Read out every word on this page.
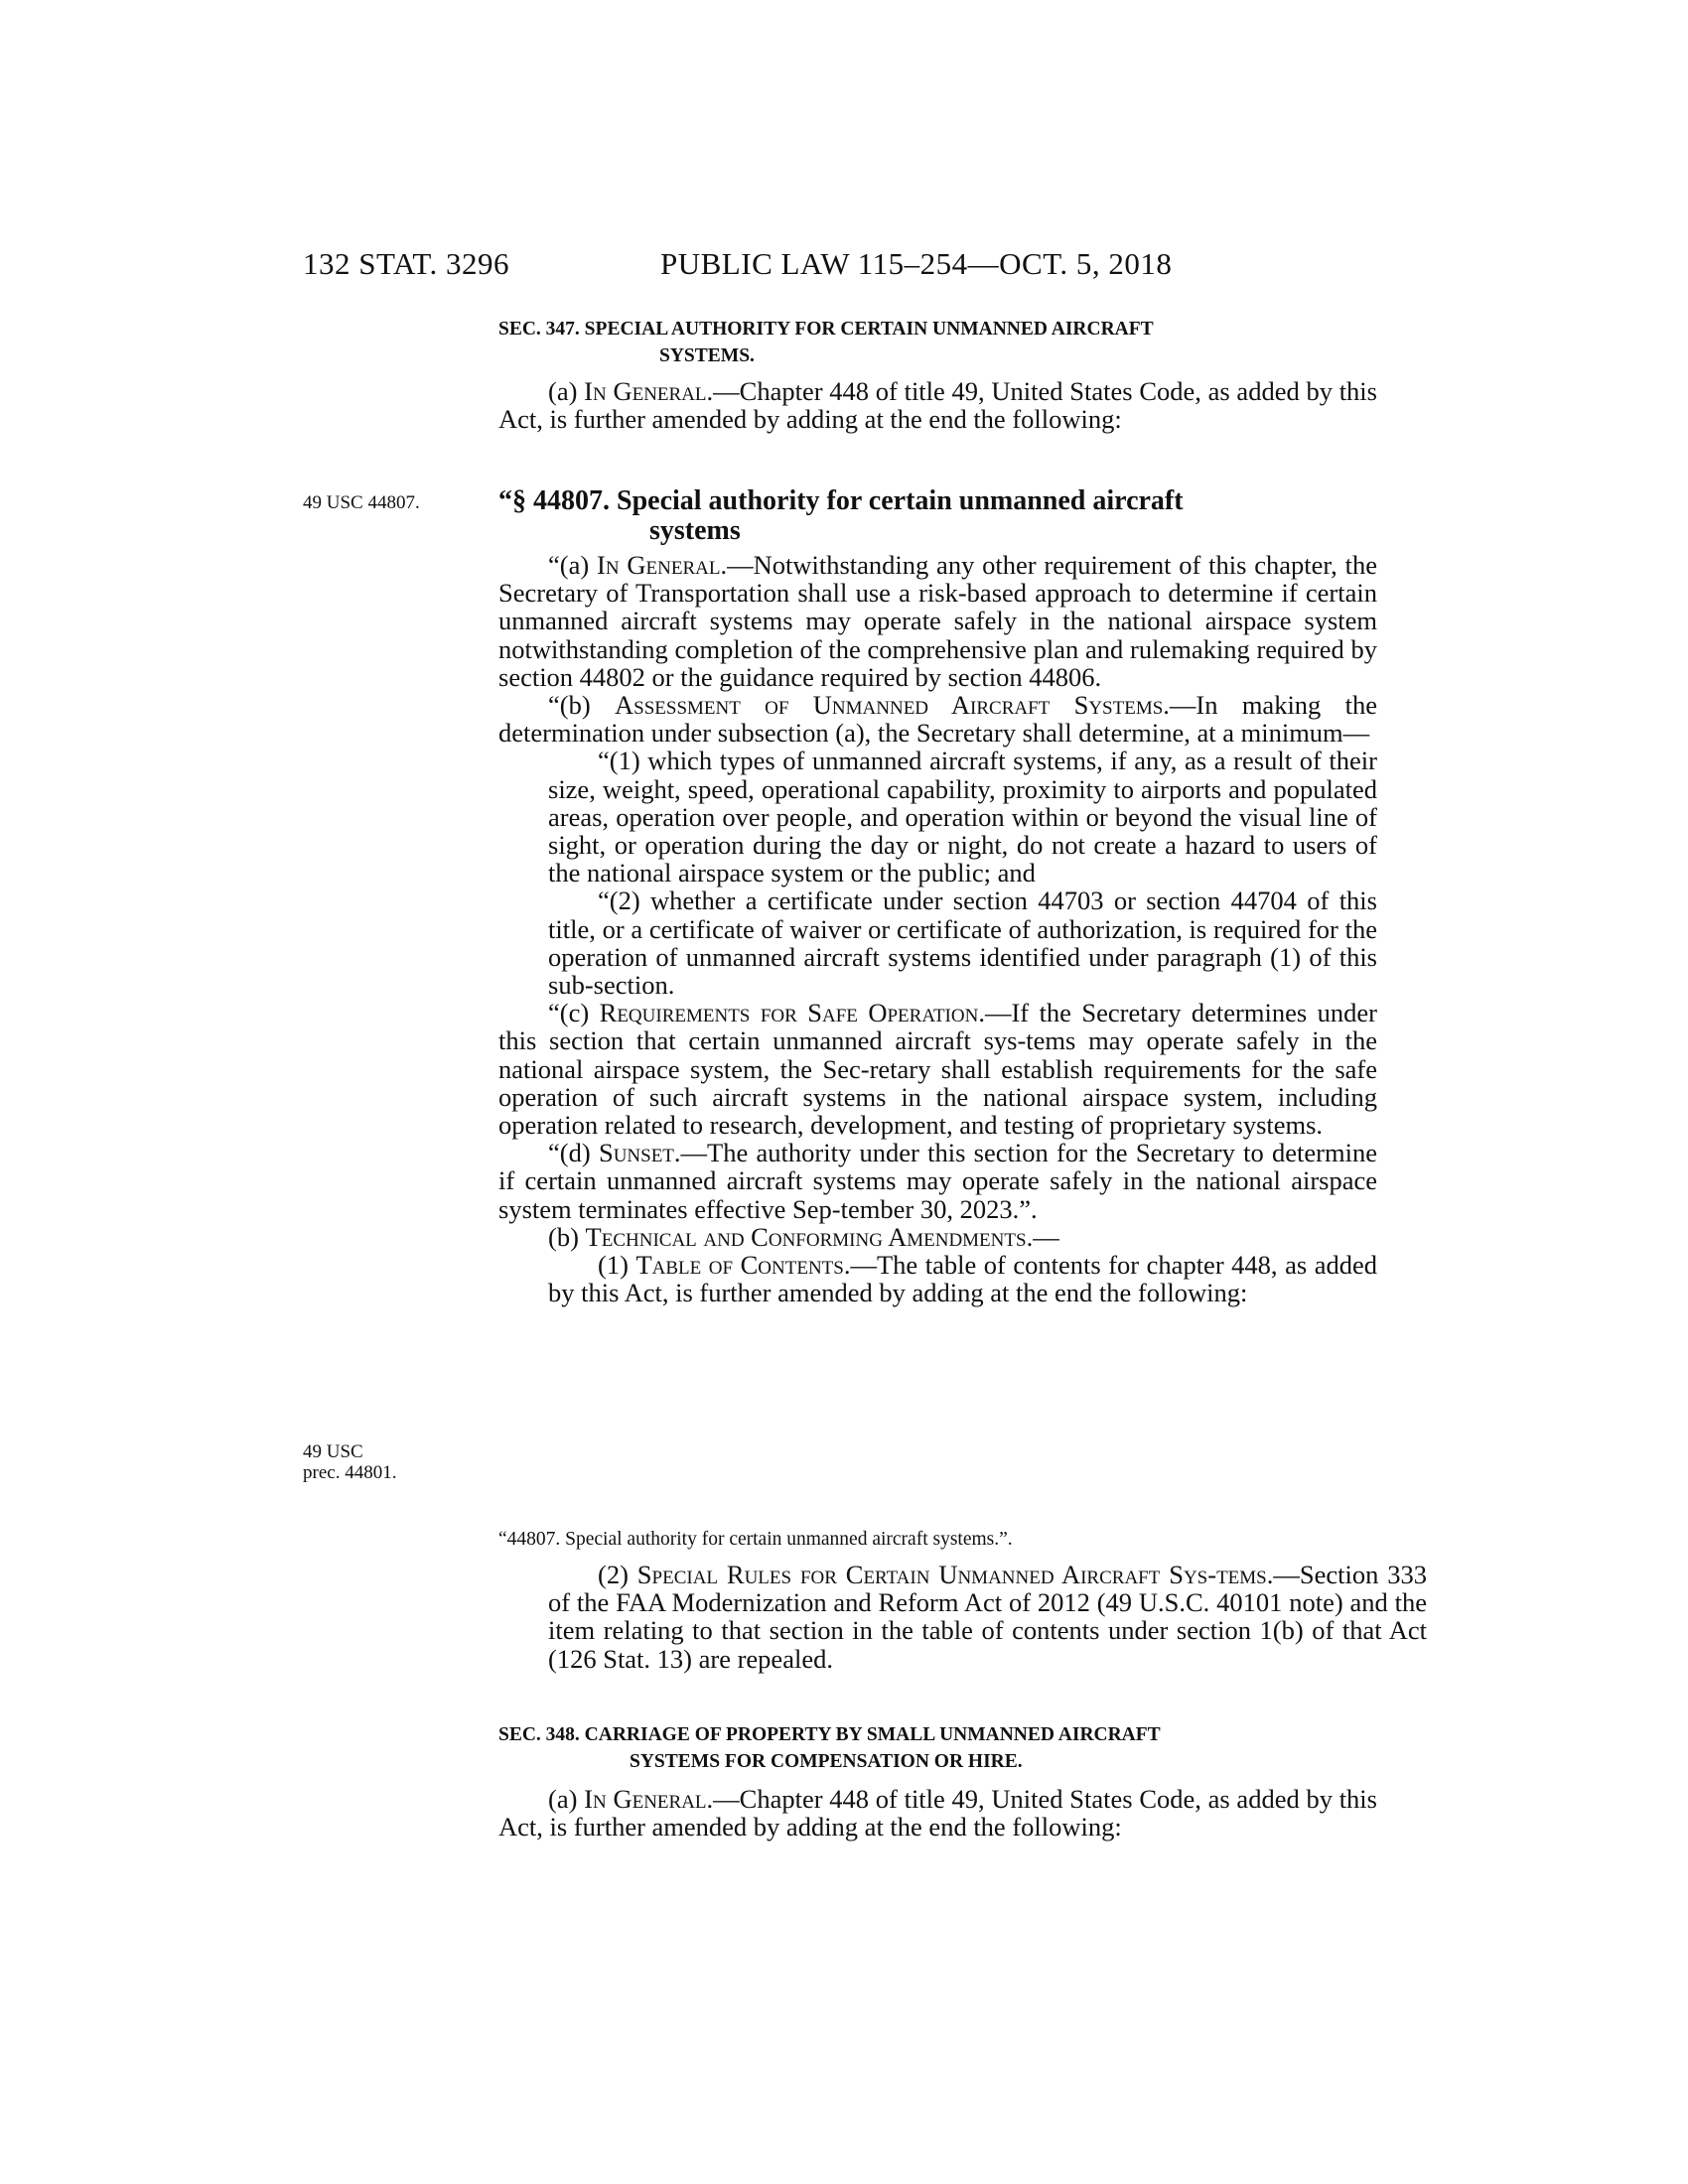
132 STAT. 3296	PUBLIC LAW 115–254—OCT. 5, 2018
SEC. 347. SPECIAL AUTHORITY FOR CERTAIN UNMANNED AIRCRAFT
SYSTEMS.

(a) In General.—Chapter 448 of title 49, United States Code, as added by this Act, is further amended by adding at the end the following:

49 USC 44807.	“§ 44807. Special authority for certain unmanned aircraft
systems

“(a) In General.—Notwithstanding any other requirement of this chapter, the Secretary of Transportation shall use a risk-based approach to determine if certain unmanned aircraft systems may operate safely in the national airspace system notwithstanding completion of the comprehensive plan and rulemaking required by section 44802 or the guidance required by section 44806.

“(b) Assessment of Unmanned Aircraft Systems.—In making the determination under subsection (a), the Secretary shall determine, at a minimum—

“(1) which types of unmanned aircraft systems, if any, as a result of their size, weight, speed, operational capability, proximity to airports and populated areas, operation over people, and operation within or beyond the visual line of sight, or operation during the day or night, do not create a hazard to users of the national airspace system or the public; and

“(2) whether a certificate under section 44703 or section 44704 of this title, or a certificate of waiver or certificate of authorization, is required for the operation of unmanned aircraft systems identified under paragraph (1) of this sub-section.

“(c) Requirements for Safe Operation.—If the Secretary determines under this section that certain unmanned aircraft sys-tems may operate safely in the national airspace system, the Sec-retary shall establish requirements for the safe operation of such aircraft systems in the national airspace system, including operation related to research, development, and testing of proprietary systems.

“(d) Sunset.—The authority under this section for the Secretary to determine if certain unmanned aircraft systems may operate safely in the national airspace system terminates effective Sep-tember 30, 2023.”.

(b) Technical and Conforming Amendments.—

(1) Table of Contents.—The table of contents for chapter 448, as added by this Act, is further amended by adding at the end the following:

49 USC
prec. 44801.
“44807. Special authority for certain unmanned aircraft systems.”.

(2) Special Rules for Certain Unmanned Aircraft Sys-tems.—Section 333 of the FAA Modernization and Reform Act of 2012 (49 U.S.C. 40101 note) and the item relating to that section in the table of contents under section 1(b) of that Act (126 Stat. 13) are repealed.

SEC. 348. CARRIAGE OF PROPERTY BY SMALL UNMANNED AIRCRAFT
SYSTEMS FOR COMPENSATION OR HIRE.

(a) In General.—Chapter 448 of title 49, United States Code, as added by this Act, is further amended by adding at the end the following:
